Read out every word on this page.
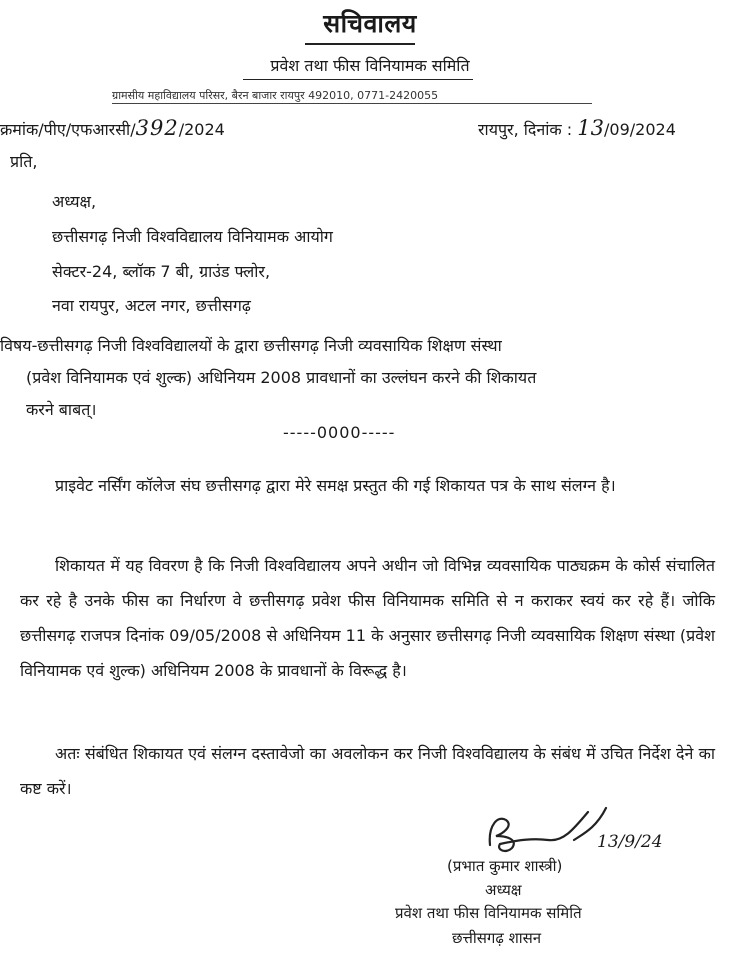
सचिवालय
प्रवेश तथा फीस विनियामक समिति
ग्रामसीय महाविद्यालय परिसर, बैरन बाजार रायपुर 492010, 0771-2420055
क्रमांक/पीए/एफआरसी/392/2024	रायपुर, दिनांक : 13/09/2024
प्रति,
अध्यक्ष,
छत्तीसगढ़ निजी विश्वविद्यालय विनियामक आयोग
सेक्टर-24, ब्लॉक 7 बी, ग्राउंड फ्लोर,
नवा रायपुर, अटल नगर, छत्तीसगढ़
विषय-छत्तीसगढ़ निजी विश्वविद्यालयों के द्वारा छत्तीसगढ़ निजी व्यवसायिक शिक्षण संस्था
(प्रवेश विनियामक एवं शुल्क) अधिनियम 2008 प्रावधानों का उल्लंघन करने की शिकायत
करने बाबत्।
-----0000-----
प्राइवेट नर्सिंग कॉलेज संघ छत्तीसगढ़ द्वारा मेरे समक्ष प्रस्तुत की गई शिकायत पत्र के साथ संलग्न है।
शिकायत में यह विवरण है कि निजी विश्वविद्यालय अपने अधीन जो विभिन्न व्यवसायिक पाठ्यक्रम के कोर्स संचालित कर रहे है उनके फीस का निर्धारण वे छत्तीसगढ़ प्रवेश फीस विनियामक समिति से न कराकर स्वयं कर रहे हैं। जोकि छत्तीसगढ़ राजपत्र दिनांक 09/05/2008 से अधिनियम 11 के अनुसार छत्तीसगढ़ निजी व्यवसायिक शिक्षण संस्था (प्रवेश विनियामक एवं शुल्क) अधिनियम 2008 के प्रावधानों के विरूद्ध है।
अतः संबंधित शिकायत एवं संलग्न दस्तावेजो का अवलोकन कर निजी विश्वविद्यालय के संबंध में उचित निर्देश देने का कष्ट करें।
13/9/24
(प्रभात कुमार शास्त्री)
अध्यक्ष
प्रवेश तथा फीस विनियामक समिति
छत्तीसगढ़ शासन
